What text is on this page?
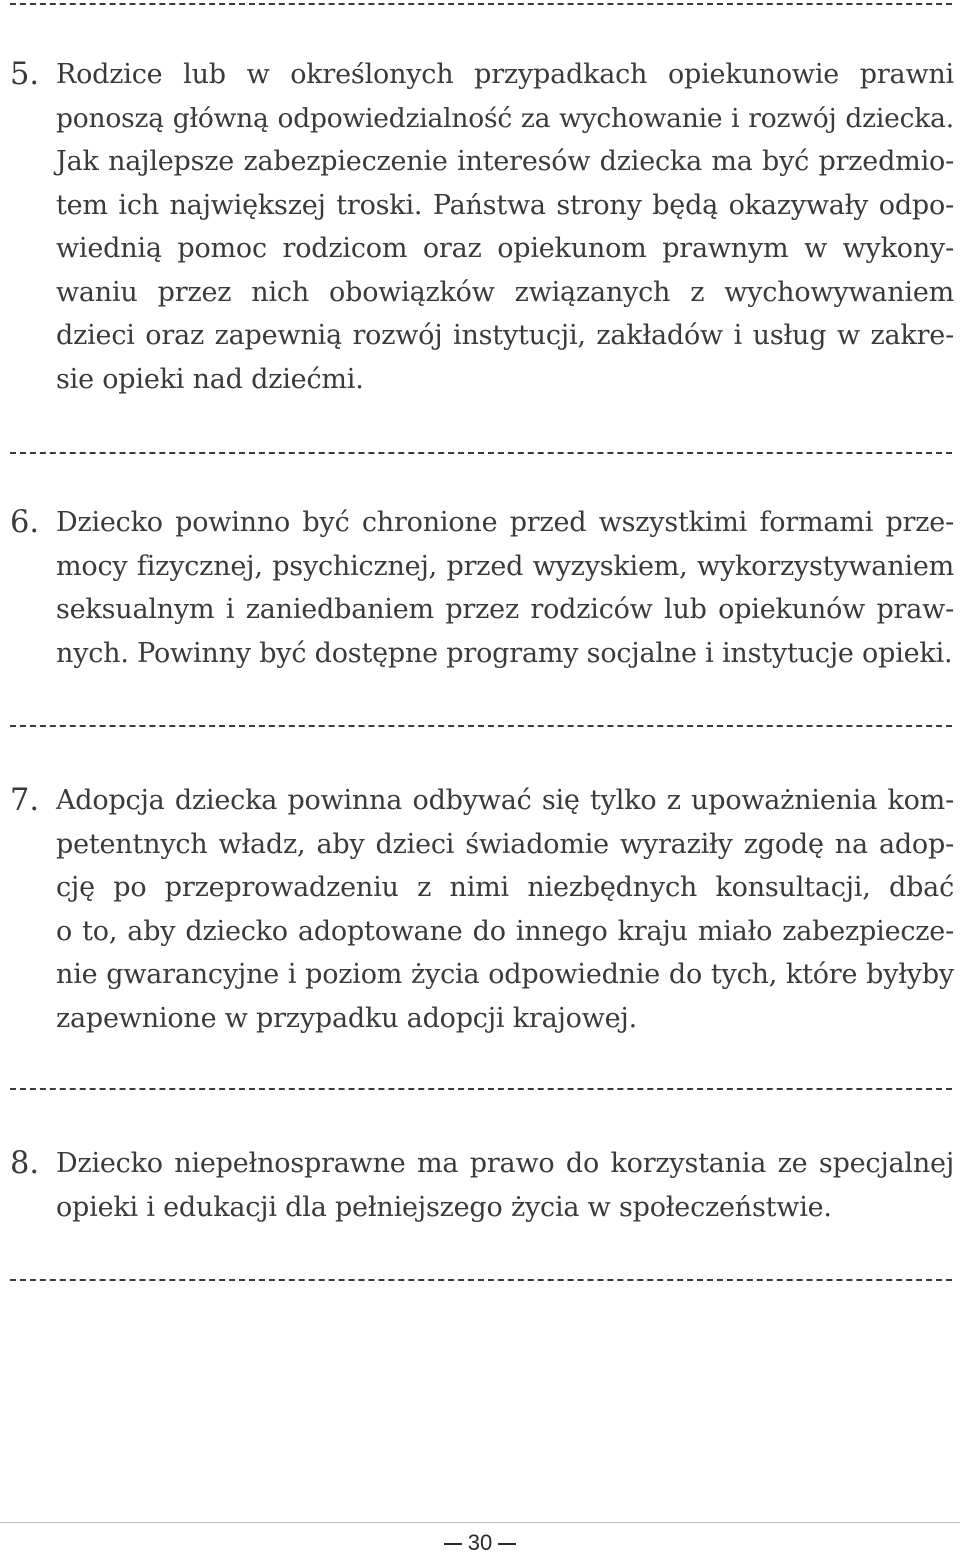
5. Rodzice lub w określonych przypadkach opiekunowie prawni
ponoszą główną odpowiedzialność za wychowanie i rozwój dziecka.
Jak najlepsze zabezpieczenie interesów dziecka ma być przedmio-
tem ich największej troski. Państwa strony będą okazywały odpo-
wiednią pomoc rodzicom oraz opiekunom prawnym w wykony-
waniu przez nich obowiązków związanych z wychowywaniem
dzieci oraz zapewnią rozwój instytucji, zakładów i usług w zakre-
sie opieki nad dziećmi.
6. Dziecko powinno być chronione przed wszystkimi formami prze-
mocy fizycznej, psychicznej, przed wyzyskiem, wykorzystywaniem
seksualnym i zaniedbaniem przez rodziców lub opiekunów praw-
nych. Powinny być dostępne programy socjalne i instytucje opieki.
7. Adopcja dziecka powinna odbywać się tylko z upoważnienia kom-
petentnych władz, aby dzieci świadomie wyraziły zgodę na adop-
cję po przeprowadzeniu z nimi niezbędnych konsultacji, dbać
o to, aby dziecko adoptowane do innego kraju miało zabezpiecze-
nie gwarancyjne i poziom życia odpowiednie do tych, które byłyby
zapewnione w przypadku adopcji krajowej.
8. Dziecko niepełnosprawne ma prawo do korzystania ze specjalnej
opieki i edukacji dla pełniejszego życia w społeczeństwie.
30
